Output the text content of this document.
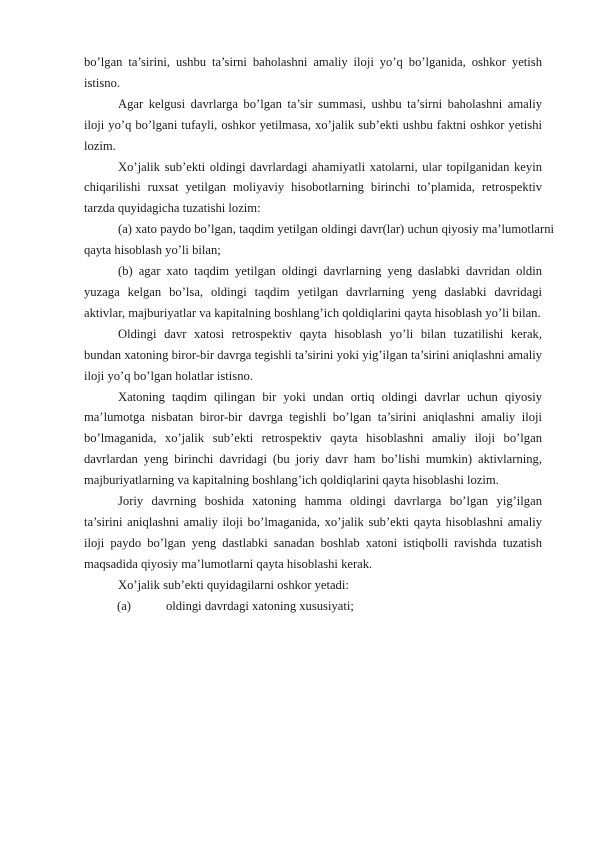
bo’lgan ta’sirini, ushbu ta’sirni baholashni amaliy iloji yo’q bo’lganida, oshkor yetish istisno.

Agar kelgusi davrlarga bo’lgan ta’sir summasi, ushbu ta’sirni baholashni amaliy iloji yo’q bo’lgani tufayli, oshkor yetilmasa, xo’jalik sub’ekti ushbu faktni oshkor yetishi lozim.

Xo’jalik sub’ekti oldingi davrlardagi ahamiyatli xatolarni, ular topilganidan keyin chiqarilishi ruxsat yetilgan moliyaviy hisobotlarning birinchi to’plamida, retrospektiv tarzda quyidagicha tuzatishi lozim:

(a) xato paydo bo’lgan, taqdim yetilgan oldingi davr(lar) uchun qiyosiy ma’lumotlarni qayta hisoblash yo’li bilan;

(b) agar xato taqdim yetilgan oldingi davrlarning yeng daslabki davridan oldin yuzaga kelgan bo’lsa, oldingi taqdim yetilgan davrlarning yeng daslabki davridagi aktivlar, majburiyatlar va kapitalning boshlang’ich qoldiqlarini qayta hisoblash yo’li bilan.

Oldingi davr xatosi retrospektiv qayta hisoblash yo’li bilan tuzatilishi kerak, bundan xatoning biror-bir davrga tegishli ta’sirini yoki yig’ilgan ta’sirini aniqlashni amaliy iloji yo’q bo’lgan holatlar istisno.

Xatoning taqdim qilingan bir yoki undan ortiq oldingi davrlar uchun qiyosiy ma’lumotga nisbatan biror-bir davrga tegishli bo’lgan ta’sirini aniqlashni amaliy iloji bo’lmaganida, xo’jalik sub’ekti retrospektiv qayta hisoblashni amaliy iloji bo’lgan davrlardan yeng birinchi davridagi (bu joriy davr ham bo’lishi mumkin) aktivlarning, majburiyatlarning va kapitalning boshlang’ich qoldiqlarini qayta hisoblashi lozim.

Joriy davrning boshida xatoning hamma oldingi davrlarga bo’lgan yig’ilgan ta’sirini aniqlashni amaliy iloji bo’lmaganida, xo’jalik sub’ekti qayta hisoblashni amaliy iloji paydo bo’lgan yeng dastlabki sanadan boshlab xatoni istiqbolli ravishda tuzatish maqsadida qiyosiy ma’lumotlarni qayta hisoblashi kerak.

Xo’jalik sub’ekti quyidagilarni oshkor yetadi:

(a)	oldingi davrdagi xatoning xususiyati;
